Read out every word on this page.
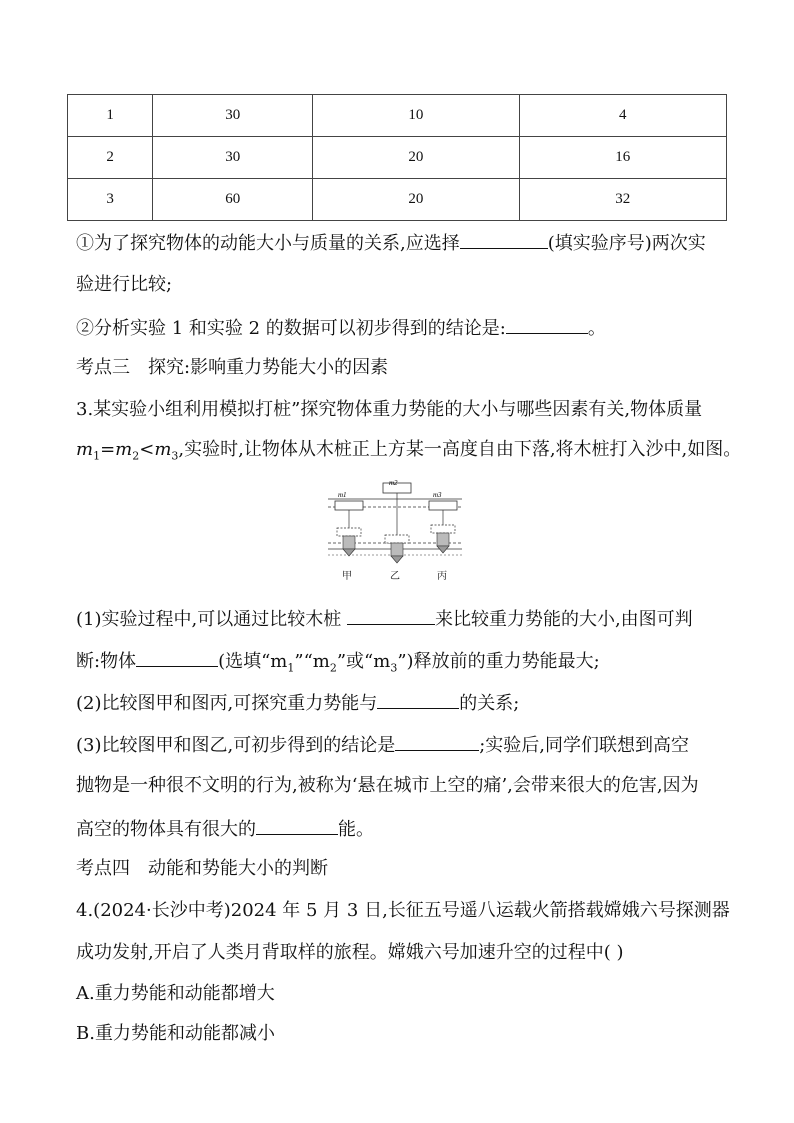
1	30	10	4
2	30	20	16
3	60	20	32
①为了探究物体的动能大小与质量的关系,应选择	(填实验序号)两次实
验进行比较;
②分析实验 1 和实验 2 的数据可以初步得到的结论是:	。
考点三　探究:影响重力势能大小的因素
3.某实验小组利用模拟打桩”探究物体重力势能的大小与哪些因素有关,物体质量
$m_1=m_2<m_3$,实验时,让物体从木桩正上方某一高度自由下落,将木桩打入沙中,如图。
m1
m2
m3
甲	乙	丙
(1)实验过程中,可以通过比较木桩	来比较重力势能的大小,由图可判
断:物体	(选填“$m_1”“m_2$”或“$m_3$”)释放前的重力势能最大;
(2)比较图甲和图丙,可探究重力势能与	的关系;
(3)比较图甲和图乙,可初步得到的结论是	;实验后,同学们联想到高空
抛物是一种很不文明的行为,被称为‘悬在城市上空的痛’,会带来很大的危害,因为
高空的物体具有很大的	能。
考点四　动能和势能大小的判断
4.(2024·长沙中考)2024 年 5 月 3 日,长征五号遥八运载火箭搭载嫦娥六号探测器
成功发射,开启了人类月背取样的旅程。嫦娥六号加速升空的过程中( )
A.重力势能和动能都增大
B.重力势能和动能都减小
